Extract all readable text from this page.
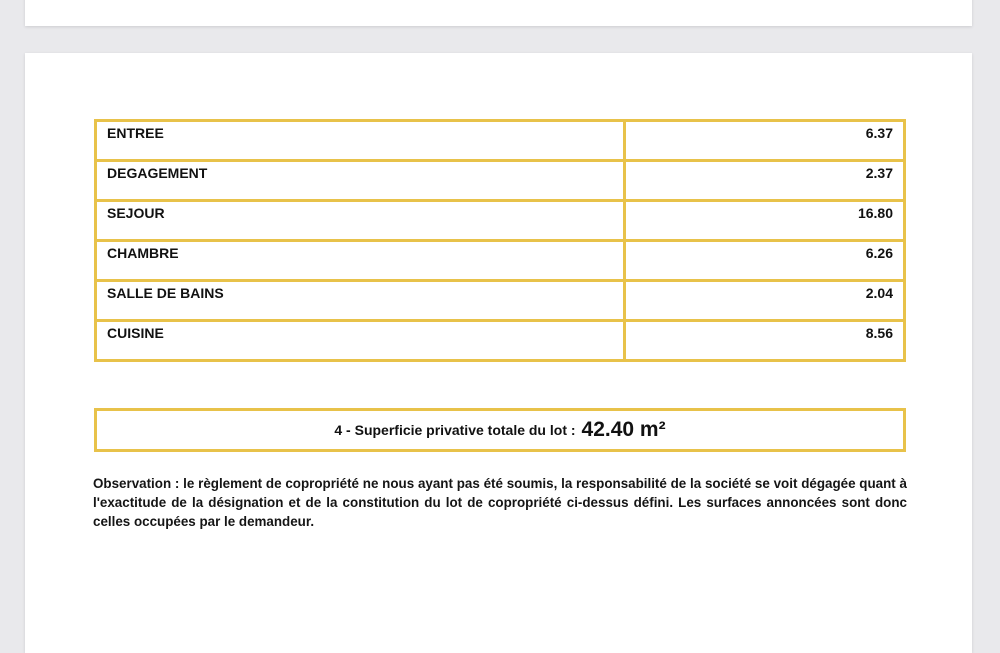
ENTREE	6.37
DEGAGEMENT	2.37
SEJOUR	16.80
CHAMBRE	6.26
SALLE DE BAINS	2.04
CUISINE	8.56
4 - Superficie privative totale du lot : 42.40 m²
Observation : le règlement de copropriété ne nous ayant pas été soumis, la responsabilité de la société se voit dégagée quant à l'exactitude de la désignation et de la constitution du lot de copropriété ci-dessus défini. Les surfaces annoncées sont donc celles occupées par le demandeur.
